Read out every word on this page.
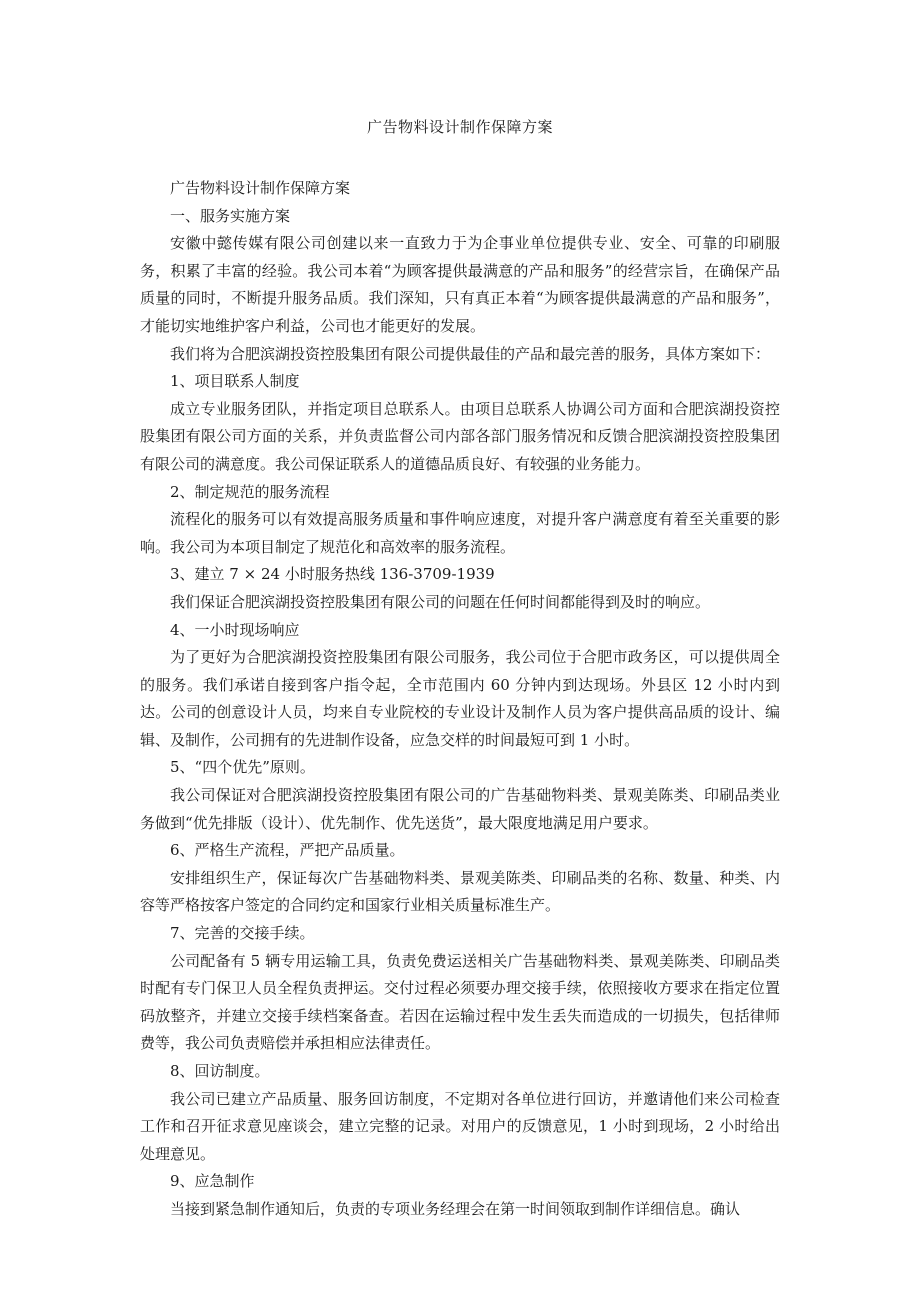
广告物料设计制作保障方案

广告物料设计制作保障方案

一、服务实施方案

安徽中懿传媒有限公司创建以来一直致力于为企事业单位提供专业、安全、可靠的印刷服务，积累了丰富的经验。我公司本着“为顾客提供最满意的产品和服务”的经营宗旨，在确保产品质量的同时，不断提升服务品质。我们深知，只有真正本着“为顾客提供最满意的产品和服务”，才能切实地维护客户利益，公司也才能更好的发展。

我们将为合肥滨湖投资控股集团有限公司提供最佳的产品和最完善的服务，具体方案如下：

1、项目联系人制度

成立专业服务团队，并指定项目总联系人。由项目总联系人协调公司方面和合肥滨湖投资控股集团有限公司方面的关系，并负责监督公司内部各部门服务情况和反馈合肥滨湖投资控股集团有限公司的满意度。我公司保证联系人的道德品质良好、有较强的业务能力。

2、制定规范的服务流程

流程化的服务可以有效提高服务质量和事件响应速度，对提升客户满意度有着至关重要的影响。我公司为本项目制定了规范化和高效率的服务流程。

3、建立 7 × 24 小时服务热线 136-3709-1939

我们保证合肥滨湖投资控股集团有限公司的问题在任何时间都能得到及时的响应。

4、一小时现场响应

为了更好为合肥滨湖投资控股集团有限公司服务，我公司位于合肥市政务区，可以提供周全的服务。我们承诺自接到客户指令起，全市范围内 60 分钟内到达现场。外县区 12 小时内到达。公司的创意设计人员，均来自专业院校的专业设计及制作人员为客户提供高品质的设计、编辑、及制作，公司拥有的先进制作设备，应急交样的时间最短可到 1 小时。

5、“四个优先”原则。

我公司保证对合肥滨湖投资控股集团有限公司的广告基础物料类、景观美陈类、印刷品类业务做到“优先排版（设计）、优先制作、优先送货”，最大限度地满足用户要求。

6、严格生产流程，严把产品质量。

安排组织生产，保证每次广告基础物料类、景观美陈类、印刷品类的名称、数量、种类、内容等严格按客户签定的合同约定和国家行业相关质量标准生产。

7、完善的交接手续。

公司配备有 5 辆专用运输工具，负责免费运送相关广告基础物料类、景观美陈类、印刷品类时配有专门保卫人员全程负责押运。交付过程必须要办理交接手续，依照接收方要求在指定位置码放整齐，并建立交接手续档案备查。若因在运输过程中发生丢失而造成的一切损失，包括律师费等，我公司负责赔偿并承担相应法律责任。

8、回访制度。

我公司已建立产品质量、服务回访制度，不定期对各单位进行回访，并邀请他们来公司检查工作和召开征求意见座谈会，建立完整的记录。对用户的反馈意见，1 小时到现场，2 小时给出处理意见。

9、应急制作

当接到紧急制作通知后，负责的专项业务经理会在第一时间领取到制作详细信息。确认
